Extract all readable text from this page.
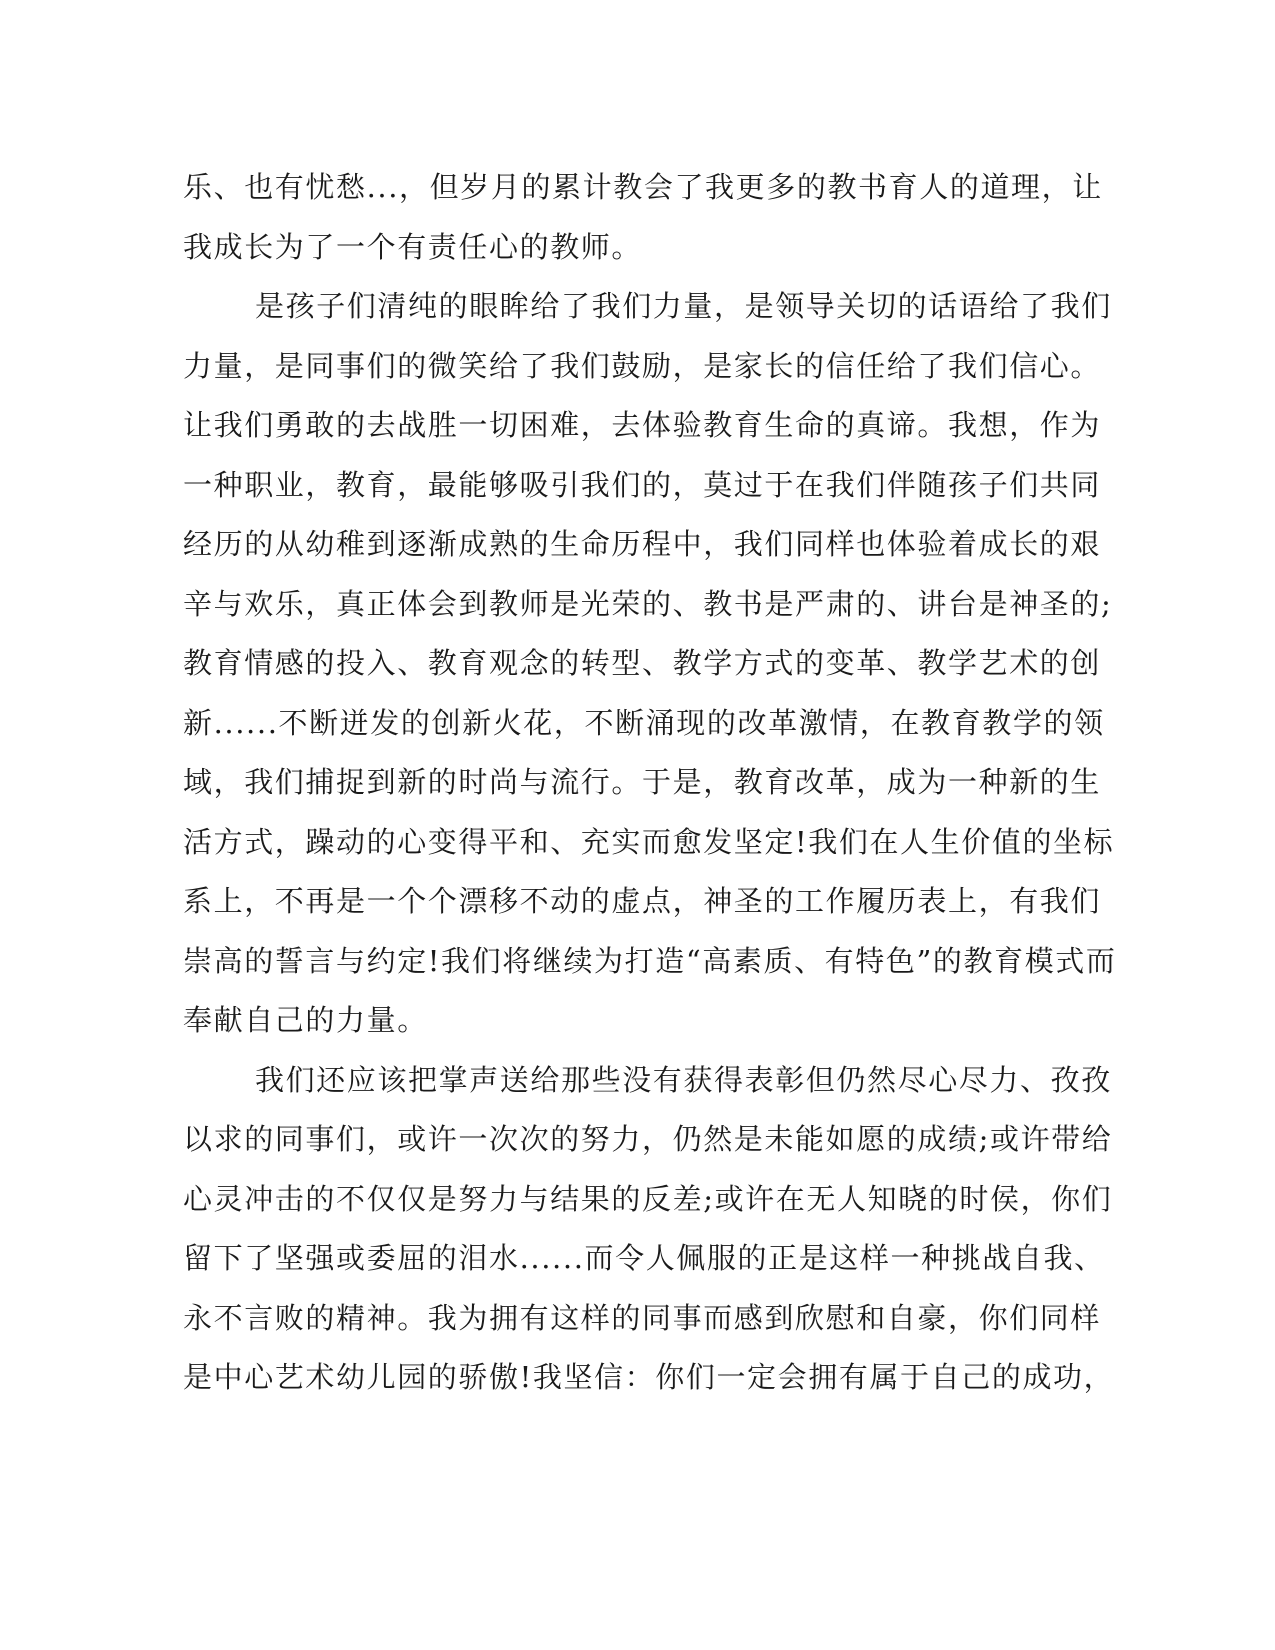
乐、也有忧愁...，但岁月的累计教会了我更多的教书育人的道理，让
我成长为了一个有责任心的教师。
是孩子们清纯的眼眸给了我们力量，是领导关切的话语给了我们
力量，是同事们的微笑给了我们鼓励，是家长的信任给了我们信心。
让我们勇敢的去战胜一切困难，去体验教育生命的真谛。我想，作为
一种职业，教育，最能够吸引我们的，莫过于在我们伴随孩子们共同
经历的从幼稚到逐渐成熟的生命历程中，我们同样也体验着成长的艰
辛与欢乐，真正体会到教师是光荣的、教书是严肃的、讲台是神圣的;
教育情感的投入、教育观念的转型、教学方式的变革、教学艺术的创
新......不断迸发的创新火花，不断涌现的改革激情，在教育教学的领
域，我们捕捉到新的时尚与流行。于是，教育改革，成为一种新的生
活方式，躁动的心变得平和、充实而愈发坚定!我们在人生价值的坐标
系上，不再是一个个漂移不动的虚点，神圣的工作履历表上，有我们
崇高的誓言与约定!我们将继续为打造“高素质、有特色”的教育模式而
奉献自己的力量。
我们还应该把掌声送给那些没有获得表彰但仍然尽心尽力、孜孜
以求的同事们，或许一次次的努力，仍然是未能如愿的成绩;或许带给
心灵冲击的不仅仅是努力与结果的反差;或许在无人知晓的时侯，你们
留下了坚强或委屈的泪水......而令人佩服的正是这样一种挑战自我、
永不言败的精神。我为拥有这样的同事而感到欣慰和自豪，你们同样
是中心艺术幼儿园的骄傲!我坚信：你们一定会拥有属于自己的成功，
